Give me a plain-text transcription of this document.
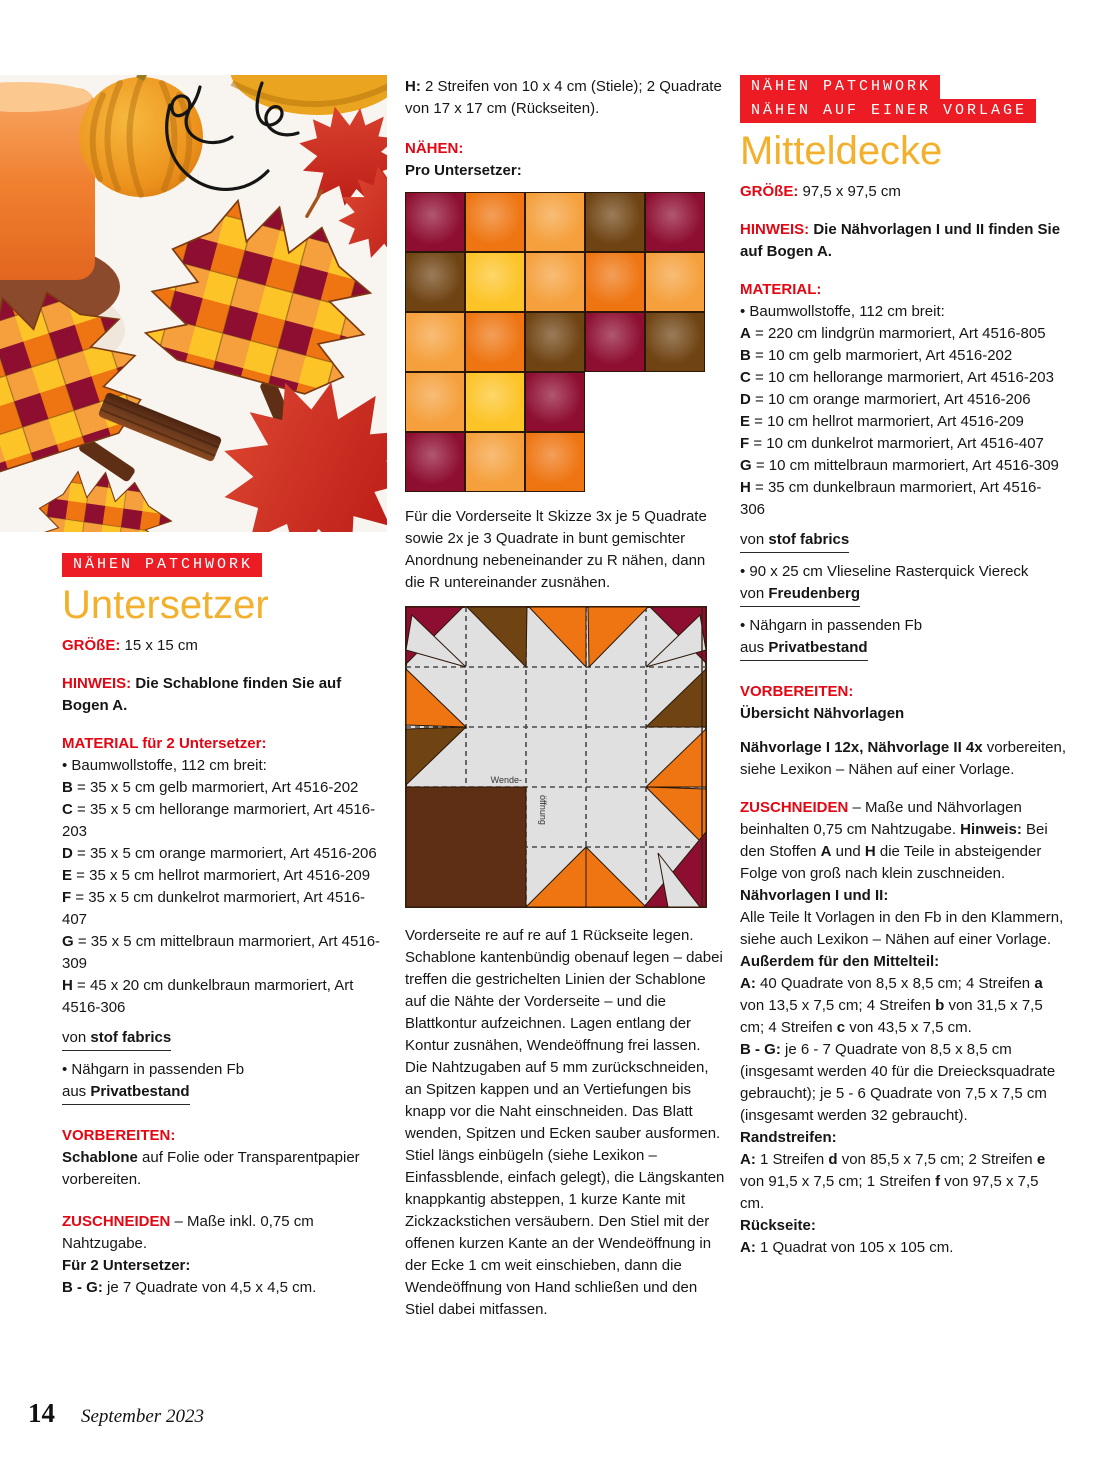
NÄHEN PATCHWORK
Untersetzer

GRÖßE: 15 x 15 cm

HINWEIS: Die Schablone finden Sie auf Bogen A.

MATERIAL für 2 Untersetzer:

• Baumwollstoffe, 112 cm breit:

B = 35 x 5 cm gelb marmoriert, Art 4516-202

C = 35 x 5 cm hellorange marmoriert, Art 4516-203

D = 35 x 5 cm orange marmoriert, Art 4516-206

E = 35 x 5 cm hellrot marmoriert, Art 4516-209

F = 35 x 5 cm dunkelrot marmoriert, Art 4516-407

G = 35 x 5 cm mittelbraun marmoriert, Art 4516-309

H = 45 x 20 cm dunkelbraun marmoriert, Art 4516-306

von stof fabrics

• Nähgarn in passenden Fb

aus Privatbestand

VORBEREITEN:

Schablone auf Folie oder Transparentpapier vorbereiten.

ZUSCHNEIDEN – Maße inkl. 0,75 cm Nahtzugabe.

Für 2 Untersetzer:

B - G: je 7 Quadrate von 4,5 x 4,5 cm.

H: 2 Streifen von 10 x 4 cm (Stiele); 2 Quadrate von 17 x 17 cm (Rückseiten).

NÄHEN:

Pro Untersetzer:

Für die Vorderseite lt Skizze 3x je 5 Quadrate sowie 2x je 3 Quadrate in bunt gemischter Anordnung nebeneinander zu R nähen, dann die R untereinander zusnähen.

Wende-
öffnung

Vorderseite re auf re auf 1 Rückseite legen. Schablone kantenbündig obenauf legen – dabei treffen die gestrichelten Linien der Schablone auf die Nähte der Vorderseite – und die Blattkontur aufzeichnen. Lagen entlang der Kontur zusnähen, Wendeöffnung frei lassen. Die Nahtzugaben auf 5 mm zurückschneiden, an Spitzen kappen und an Vertiefungen bis knapp vor die Naht einschneiden. Das Blatt wenden, Spitzen und Ecken sauber ausformen. Stiel längs einbügeln (siehe Lexikon – Einfassblende, einfach gelegt), die Längskanten knappkantig absteppen, 1 kurze Kante mit Zickzackstichen versäubern. Den Stiel mit der offenen kurzen Kante an der Wendeöffnung in der Ecke 1 cm weit einschieben, dann die Wendeöffnung von Hand schließen und den Stiel dabei mitfassen.

NÄHEN PATCHWORK
NÄHEN AUF EINER VORLAGE
Mitteldecke

GRÖßE: 97,5 x 97,5 cm

HINWEIS: Die Nähvorlagen I und II finden Sie auf Bogen A.

MATERIAL:

• Baumwollstoffe, 112 cm breit:

A = 220 cm lindgrün marmoriert, Art 4516-805

B = 10 cm gelb marmoriert, Art 4516-202

C = 10 cm hellorange marmoriert, Art 4516-203

D = 10 cm orange marmoriert, Art 4516-206

E = 10 cm hellrot marmoriert, Art 4516-209

F = 10 cm dunkelrot marmoriert, Art 4516-407

G = 10 cm mittelbraun marmoriert, Art 4516-309

H = 35 cm dunkelbraun marmoriert, Art 4516-306

von stof fabrics

• 90 x 25 cm Vlieseline Rasterquick Viereck

von Freudenberg

• Nähgarn in passenden Fb

aus Privatbestand

VORBEREITEN:

Übersicht Nähvorlagen

Nähvorlage I 12x, Nähvorlage II 4x vorbereiten, siehe Lexikon – Nähen auf einer Vorlage.

ZUSCHNEIDEN – Maße und Nähvorlagen beinhalten 0,75 cm Nahtzugabe. Hinweis: Bei den Stoffen A und H die Teile in absteigender Folge von groß nach klein zuschneiden.

Nähvorlagen I und II:

Alle Teile lt Vorlagen in den Fb in den Klammern, siehe auch Lexikon – Nähen auf einer Vorlage.

Außerdem für den Mittelteil:

A: 40 Quadrate von 8,5 x 8,5 cm; 4 Streifen a von 13,5 x 7,5 cm; 4 Streifen b von 31,5 x 7,5 cm; 4 Streifen c von 43,5 x 7,5 cm.

B - G: je 6 - 7 Quadrate von 8,5 x 8,5 cm (insgesamt werden 40 für die Dreiecksquadrate gebraucht); je 5 - 6 Quadrate von 7,5 x 7,5 cm (insgesamt werden 32 gebraucht).

Randstreifen:

A: 1 Streifen d von 85,5 x 7,5 cm; 2 Streifen e von 91,5 x 7,5 cm; 1 Streifen f von 97,5 x 7,5 cm.

Rückseite:

A: 1 Quadrat von 105 x 105 cm.

14 September 2023
